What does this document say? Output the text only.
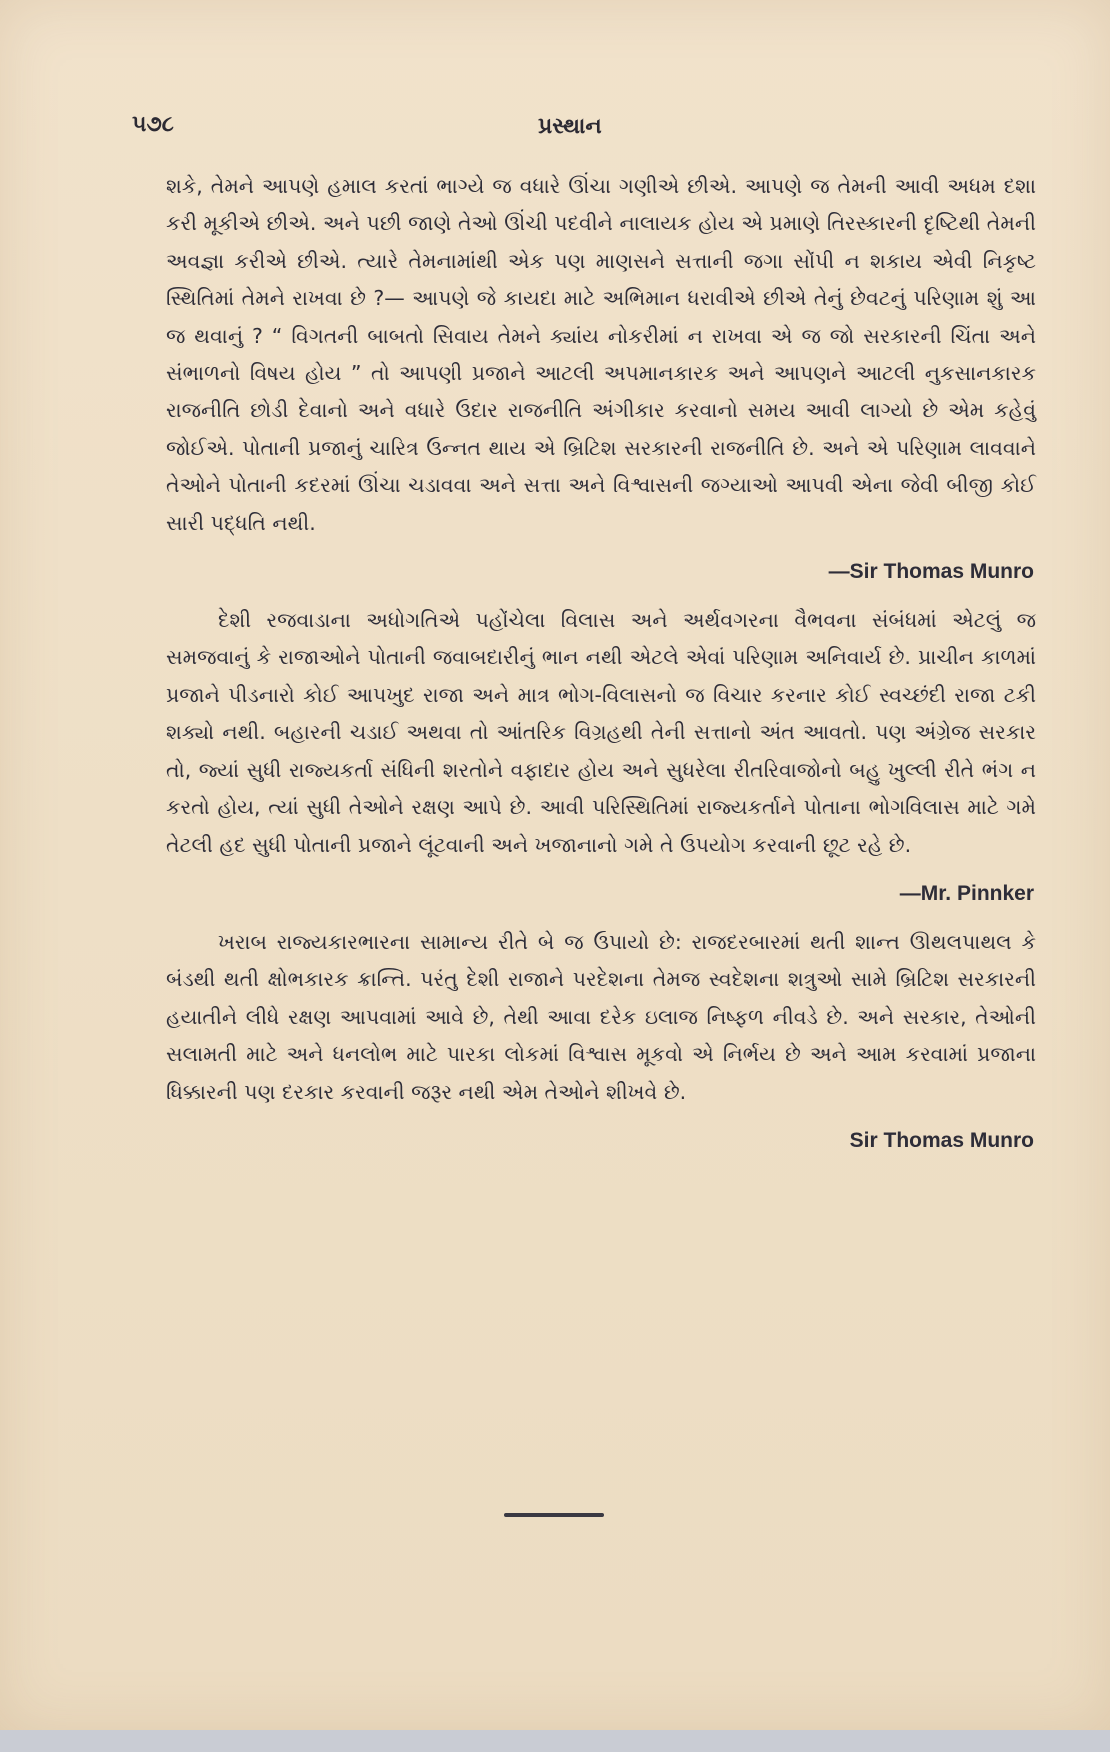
૫૭૮	પ્રસ્થાન

શકે, તેમને આપણે હમાલ કરતાં ભાગ્યે જ વધારે ઊંચા ગણીએ છીએ. આપણે જ તેમની આવી અધમ દશા કરી મૂકીએ છીએ. અને પછી જાણે તેઓ ઊંચી પદવીને નાલાયક હોય એ પ્રમાણે તિરસ્કારની દૃષ્ટિથી તેમની અવજ્ઞા કરીએ છીએ. ત્યારે તેમનામાંથી એક પણ માણસને સત્તાની જગા સોંપી ન શકાય એવી નિકૃષ્ટ સ્થિતિમાં તેમને રાખવા છે ?— આપણે જે કાયદા માટે અભિમાન ધરાવીએ છીએ તેનું છેવટનું પરિણામ શું આ જ થવાનું ? “ વિગતની બાબતો સિવાય તેમને ક્યાંય નોકરીમાં ન રાખવા એ જ જો સરકારની ચિંતા અને સંભાળનો વિષય હોય ” તો આપણી પ્રજાને આટલી અપમાનકારક અને આપણને આટલી નુકસાનકારક રાજનીતિ છોડી દેવાનો અને વધારે ઉદાર રાજનીતિ અંગીકાર કરવાનો સમય આવી લાગ્યો છે એમ કહેવું જોઈએ. પોતાની પ્રજાનું ચારિત્ર ઉન્નત થાય એ બ્રિટિશ સરકારની રાજનીતિ છે. અને એ પરિણામ લાવવાને તેઓને પોતાની કદરમાં ઊંચા ચડાવવા અને સત્તા અને વિશ્વાસની જગ્યાઓ આપવી એના જેવી બીજી કોઈ સારી પદ્ધતિ નથી.

—Sir Thomas Munro

દેશી રજવાડાના અધોગતિએ પહોંચેલા વિલાસ અને અર્થવગરના વૈભવના સંબંધમાં એટલું જ સમજવાનું કે રાજાઓને પોતાની જવાબદારીનું ભાન નથી એટલે એવાં પરિણામ અનિવાર્ય છે. પ્રાચીન કાળમાં પ્રજાને પીડનારો કોઈ આપખુદ રાજા અને માત્ર ભોગ-વિલાસનો જ વિચાર કરનાર કોઈ સ્વચ્છંદી રાજા ટકી શક્યો નથી. બહારની ચડાઈ અથવા તો આંતરિક વિગ્રહથી તેની સત્તાનો અંત આવતો. પણ અંગ્રેજ સરકાર તો, જ્યાં સુધી રાજ્યકર્તા સંધિની શરતોને વફાદાર હોય અને સુધરેલા રીતરિવાજોનો બહુ ખુલ્લી રીતે ભંગ ન કરતો હોય, ત્યાં સુધી તેઓને રક્ષણ આપે છે. આવી પરિસ્થિતિમાં રાજ્યકર્તાને પોતાના ભોગવિલાસ માટે ગમે તેટલી હદ સુધી પોતાની પ્રજાને લૂંટવાની અને ખજાનાનો ગમે તે ઉપયોગ કરવાની છૂટ રહે છે.

—Mr. Pinnker

ખરાબ રાજ્યકારભારના સામાન્ય રીતે બે જ ઉપાયો છે: રાજદરબારમાં થતી શાન્ત ઊથલપાથલ કે બંડથી થતી ક્ષોભકારક ક્રાન્તિ. પરંતુ દેશી રાજાને પરદેશના તેમજ સ્વદેશના શત્રુઓ સામે બ્રિટિશ સરકારની હયાતીને લીધે રક્ષણ આપવામાં આવે છે, તેથી આવા દરેક ઇલાજ નિષ્ફળ નીવડે છે. અને સરકાર, તેઓની સલામતી માટે અને ધનલોભ માટે પારકા લોકમાં વિશ્વાસ મૂકવો એ નિર્ભય છે અને આમ કરવામાં પ્રજાના ધિક્કારની પણ દરકાર કરવાની જરૂર નથી એમ તેઓને શીખવે છે.

Sir Thomas Munro
